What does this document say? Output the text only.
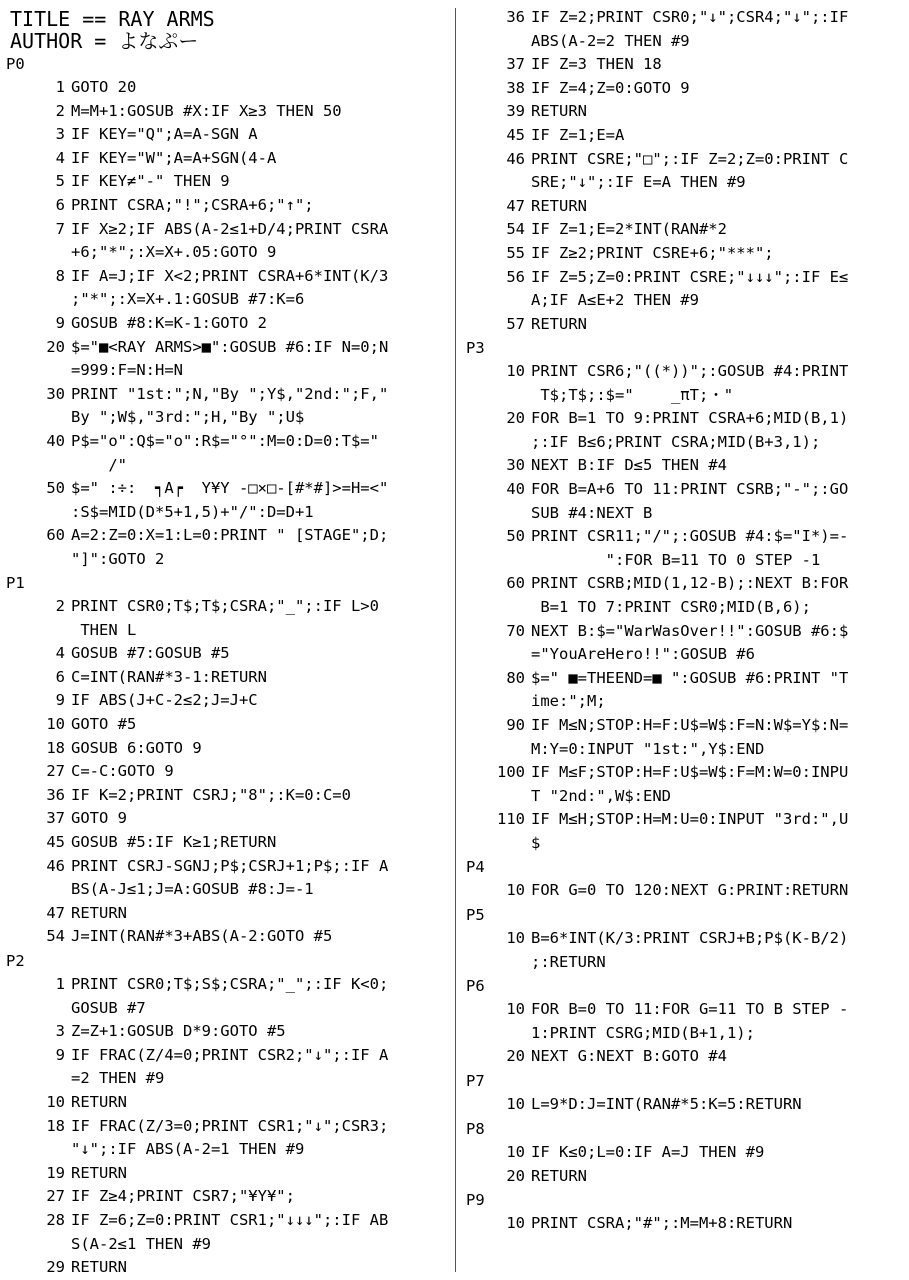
TITLE == RAY ARMS
AUTHOR = よなぷー
P0
1 GOTO 20
2 M=M+1:GOSUB #X:IF X≥3 THEN 50
3 IF KEY="Q";A=A-SGN A
4 IF KEY="W";A=A+SGN(4-A
5 IF KEY≠"-" THEN 9
6 PRINT CSRA;"!";CSRA+6;"↑";
7 IF X≥2;IF ABS(A-2≤1+D/4;PRINT CSRA
+6;"*";:X=X+.05:GOTO 9
8 IF A=J;IF X<2;PRINT CSRA+6*INT(K/3
;"*";:X=X+.1:GOSUB #7:K=6
9 GOSUB #8:K=K-1:GOTO 2
20 $="■<RAY ARMS>■":GOSUB #6:IF N=0;N
=999:F=N:H=N
30 PRINT "1st:";N,"By ";Y$,"2nd:";F,"
By ";W$,"3rd:";H,"By ";U$
40 P$="o":Q$="o":R$="°":M=0:D=0:T$="
/"
50 $=" :÷:  ┑A┍  Y¥Y -□×□-[#*#]>=H=<"
:S$=MID(D*5+1,5)+"/":D=D+1
60 A=2:Z=0:X=1:L=0:PRINT " [STAGE";D;
"]":GOTO 2
P1
2 PRINT CSR0;T$;T$;CSRA;"_";:IF L>0
THEN L
4 GOSUB #7:GOSUB #5
6 C=INT(RAN#*3-1:RETURN
9 IF ABS(J+C-2≤2;J=J+C
10 GOTO #5
18 GOSUB 6:GOTO 9
27 C=-C:GOTO 9
36 IF K=2;PRINT CSRJ;"8";:K=0:C=0
37 GOTO 9
45 GOSUB #5:IF K≥1;RETURN
46 PRINT CSRJ-SGNJ;P$;CSRJ+1;P$;:IF A
BS(A-J≤1;J=A:GOSUB #8:J=-1
47 RETURN
54 J=INT(RAN#*3+ABS(A-2:GOTO #5
P2
1 PRINT CSR0;T$;S$;CSRA;"_";:IF K<0;
GOSUB #7
3 Z=Z+1:GOSUB D*9:GOTO #5
9 IF FRAC(Z/4=0;PRINT CSR2;"↓";:IF A
=2 THEN #9
10 RETURN
18 IF FRAC(Z/3=0;PRINT CSR1;"↓";CSR3;
"↓";:IF ABS(A-2=1 THEN #9
19 RETURN
27 IF Z≥4;PRINT CSR7;"¥Y¥";
28 IF Z=6;Z=0:PRINT CSR1;"↓↓↓";:IF AB
S(A-2≤1 THEN #9
29 RETURN
36 IF Z=2;PRINT CSR0;"↓";CSR4;"↓";:IF
ABS(A-2=2 THEN #9
37 IF Z=3 THEN 18
38 IF Z=4;Z=0:GOTO 9
39 RETURN
45 IF Z=1;E=A
46 PRINT CSRE;"□";:IF Z=2;Z=0:PRINT C
SRE;"↓";:IF E=A THEN #9
47 RETURN
54 IF Z=1;E=2*INT(RAN#*2
55 IF Z≥2;PRINT CSRE+6;"***";
56 IF Z=5;Z=0:PRINT CSRE;"↓↓↓";:IF E≤
A;IF A≤E+2 THEN #9
57 RETURN
P3
10 PRINT CSR6;"((*))";:GOSUB #4:PRINT
T$;T$;:$="    _πT;・"
20 FOR B=1 TO 9:PRINT CSRA+6;MID(B,1)
;:IF B≤6;PRINT CSRA;MID(B+3,1);
30 NEXT B:IF D≤5 THEN #4
40 FOR B=A+6 TO 11:PRINT CSRB;"-";:GO
SUB #4:NEXT B
50 PRINT CSR11;"/";:GOSUB #4:$="I*)=-
":FOR B=11 TO 0 STEP -1
60 PRINT CSRB;MID(1,12-B);:NEXT B:FOR
B=1 TO 7:PRINT CSR0;MID(B,6);
70 NEXT B:$="WarWasOver!!":GOSUB #6:$
="YouAreHero!!":GOSUB #6
80 $=" ■=THEEND=■ ":GOSUB #6:PRINT "T
ime:";M;
90 IF M≤N;STOP:H=F:U$=W$:F=N:W$=Y$:N=
M:Y=0:INPUT "1st:",Y$:END
100 IF M≤F;STOP:H=F:U$=W$:F=M:W=0:INPU
T "2nd:",W$:END
110 IF M≤H;STOP:H=M:U=0:INPUT "3rd:",U
$
P4
10 FOR G=0 TO 120:NEXT G:PRINT:RETURN
P5
10 B=6*INT(K/3:PRINT CSRJ+B;P$(K-B/2)
;:RETURN
P6
10 FOR B=0 TO 11:FOR G=11 TO B STEP -
1:PRINT CSRG;MID(B+1,1);
20 NEXT G:NEXT B:GOTO #4
P7
10 L=9*D:J=INT(RAN#*5:K=5:RETURN
P8
10 IF K≤0;L=0:IF A=J THEN #9
20 RETURN
P9
10 PRINT CSRA;"#";:M=M+8:RETURN
